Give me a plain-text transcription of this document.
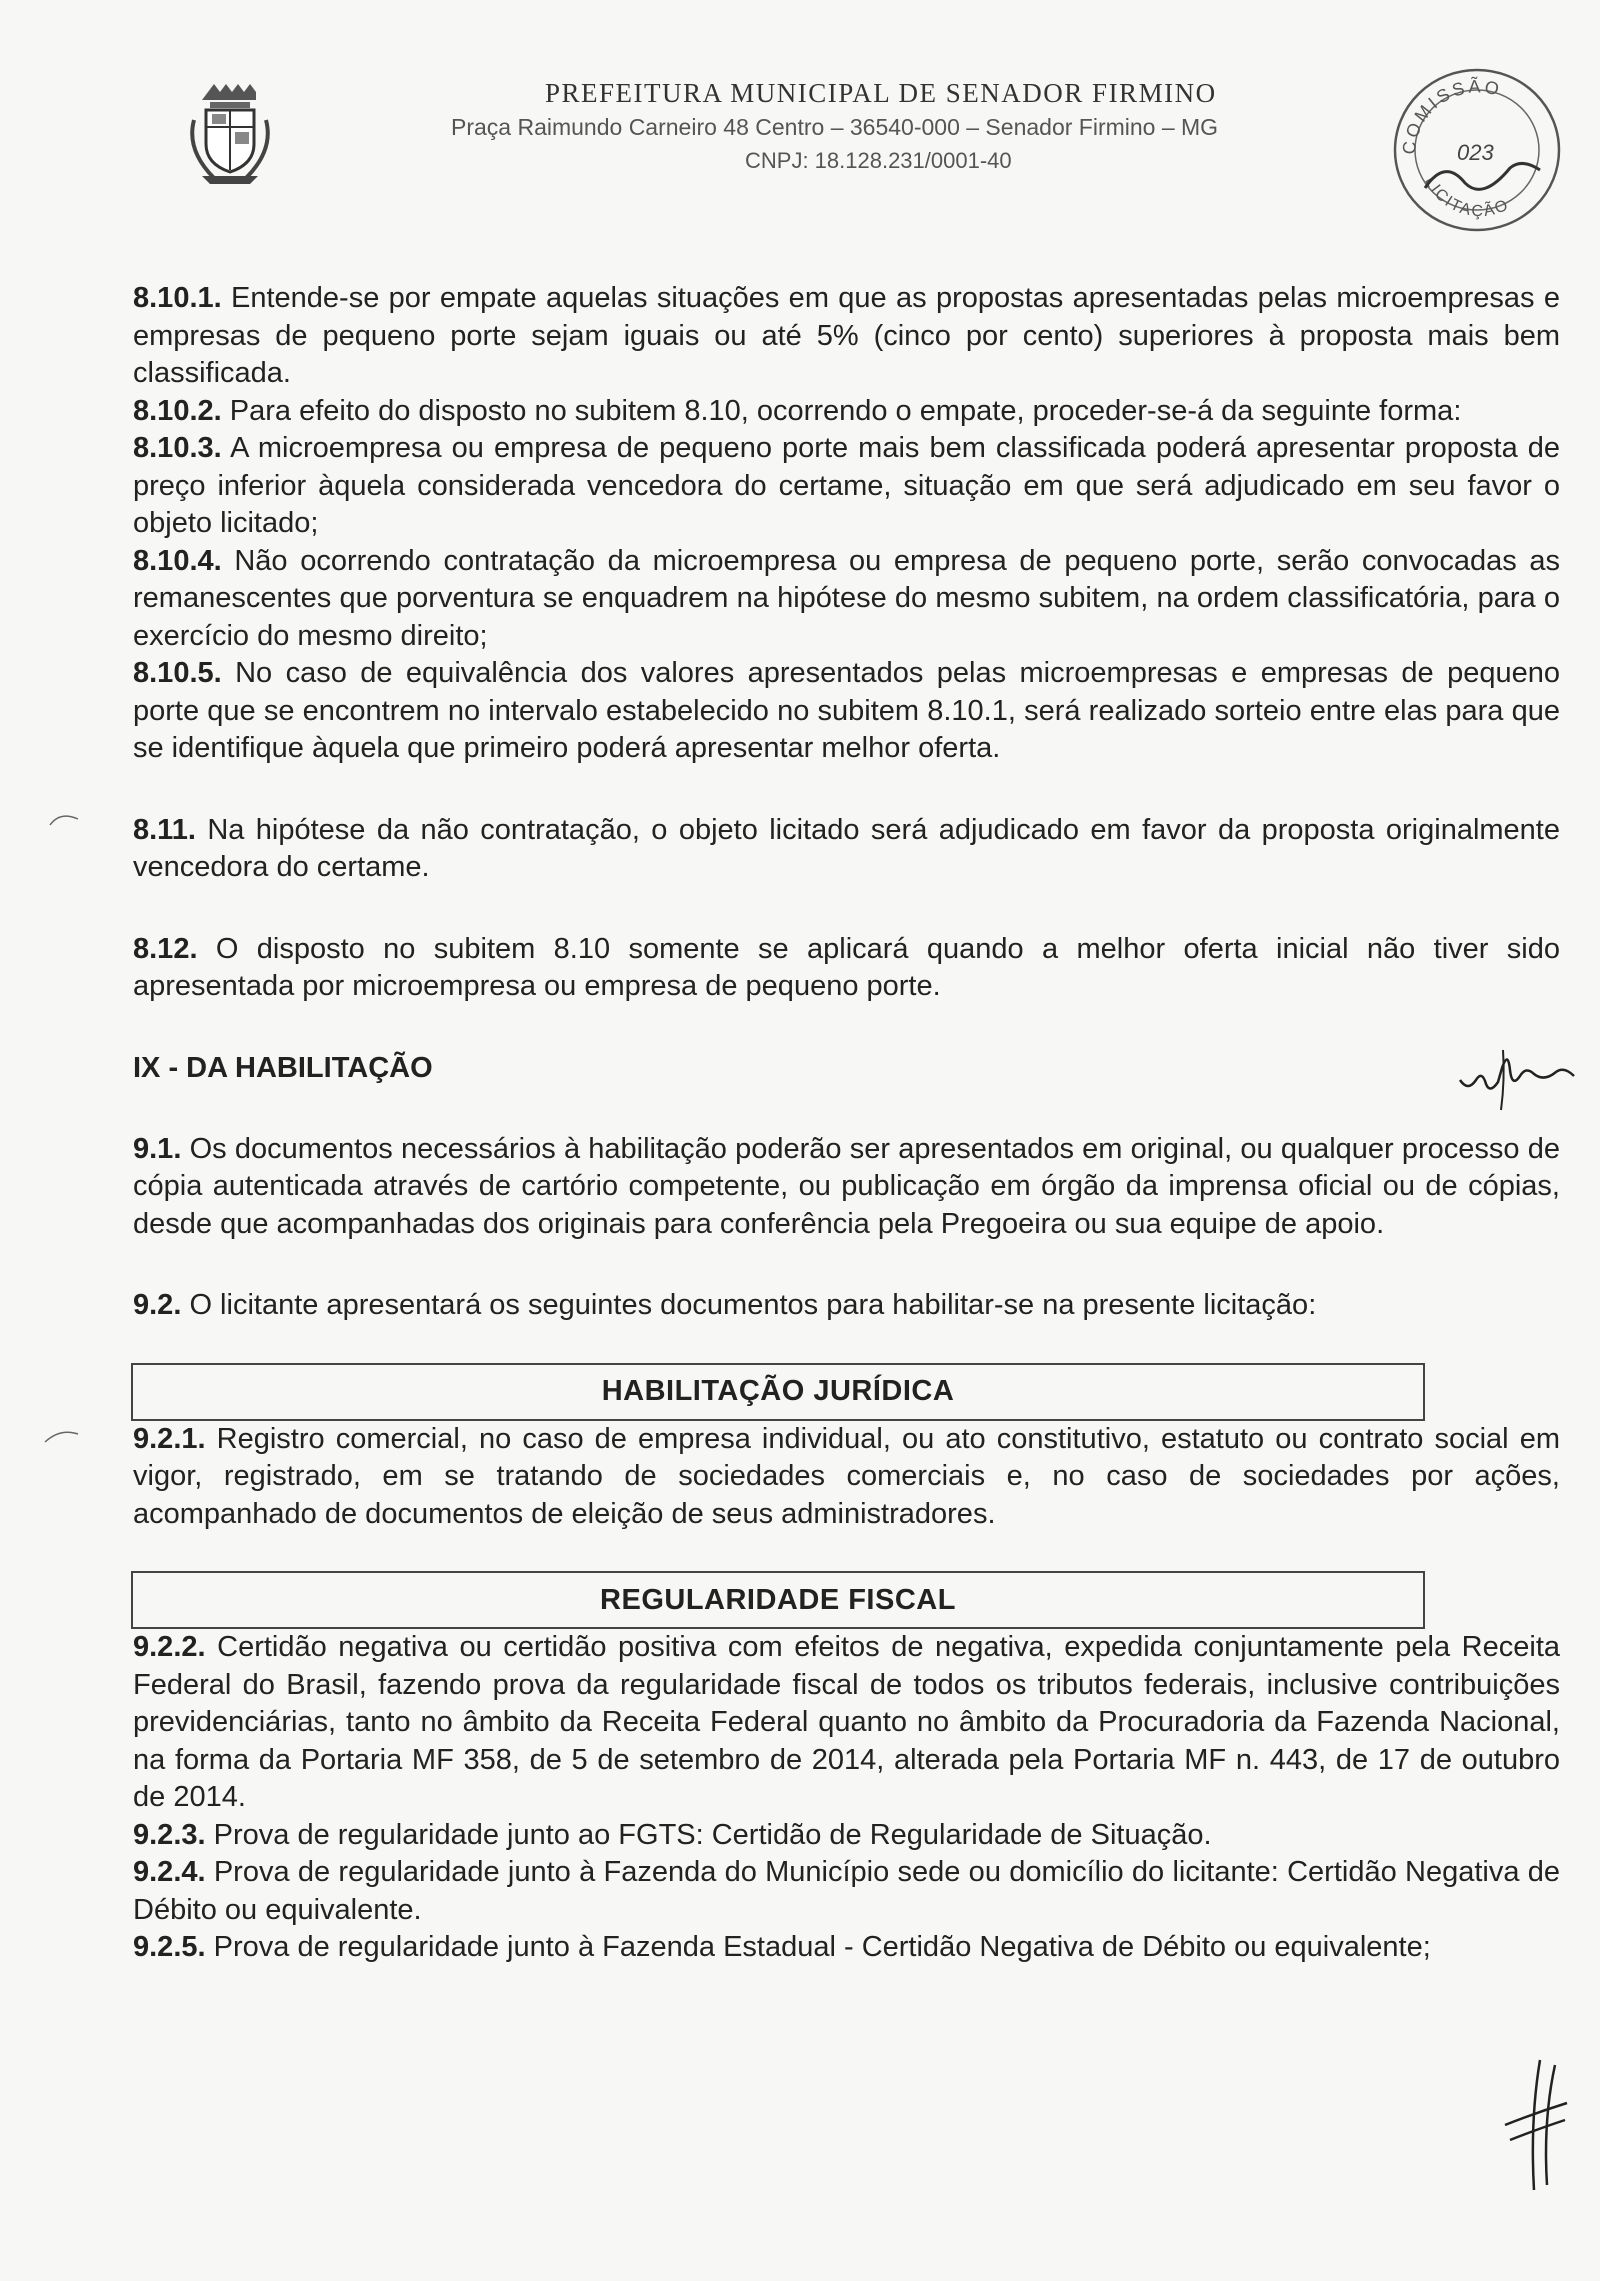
PREFEITURA MUNICIPAL DE SENADOR FIRMINO
Praça Raimundo Carneiro 48 Centro – 36540-000 – Senador Firmino – MG
CNPJ: 18.128.231/0001-40
COMISSÃO
LICITAÇÃO
023

8.10.1. Entende-se por empate aquelas situações em que as propostas apresentadas pelas microempresas e empresas de pequeno porte sejam iguais ou até 5% (cinco por cento) superiores à proposta mais bem classificada.

8.10.2. Para efeito do disposto no subitem 8.10, ocorrendo o empate, proceder-se-á da seguinte forma:

8.10.3. A microempresa ou empresa de pequeno porte mais bem classificada poderá apresentar proposta de preço inferior àquela considerada vencedora do certame, situação em que será adjudicado em seu favor o objeto licitado;

8.10.4. Não ocorrendo contratação da microempresa ou empresa de pequeno porte, serão convocadas as remanescentes que porventura se enquadrem na hipótese do mesmo subitem, na ordem classificatória, para o exercício do mesmo direito;

8.10.5. No caso de equivalência dos valores apresentados pelas microempresas e empresas de pequeno porte que se encontrem no intervalo estabelecido no subitem 8.10.1, será realizado sorteio entre elas para que se identifique àquela que primeiro poderá apresentar melhor oferta.

8.11. Na hipótese da não contratação, o objeto licitado será adjudicado em favor da proposta originalmente vencedora do certame.

8.12. O disposto no subitem 8.10 somente se aplicará quando a melhor oferta inicial não tiver sido apresentada por microempresa ou empresa de pequeno porte.

IX - DA HABILITAÇÃO

9.1. Os documentos necessários à habilitação poderão ser apresentados em original, ou qualquer processo de cópia autenticada através de cartório competente, ou publicação em órgão da imprensa oficial ou de cópias, desde que acompanhadas dos originais para conferência pela Pregoeira ou sua equipe de apoio.

9.2. O licitante apresentará os seguintes documentos para habilitar-se na presente licitação:

HABILITAÇÃO JURÍDICA

9.2.1. Registro comercial, no caso de empresa individual, ou ato constitutivo, estatuto ou contrato social em vigor, registrado, em se tratando de sociedades comerciais e, no caso de sociedades por ações, acompanhado de documentos de eleição de seus administradores.

REGULARIDADE FISCAL

9.2.2. Certidão negativa ou certidão positiva com efeitos de negativa, expedida conjuntamente pela Receita Federal do Brasil, fazendo prova da regularidade fiscal de todos os tributos federais, inclusive contribuições previdenciárias, tanto no âmbito da Receita Federal quanto no âmbito da Procuradoria da Fazenda Nacional, na forma da Portaria MF 358, de 5 de setembro de 2014, alterada pela Portaria MF n. 443, de 17 de outubro de 2014.

9.2.3. Prova de regularidade junto ao FGTS: Certidão de Regularidade de Situação.

9.2.4. Prova de regularidade junto à Fazenda do Município sede ou domicílio do licitante: Certidão Negativa de Débito ou equivalente.

9.2.5. Prova de regularidade junto à Fazenda Estadual - Certidão Negativa de Débito ou equivalente;
